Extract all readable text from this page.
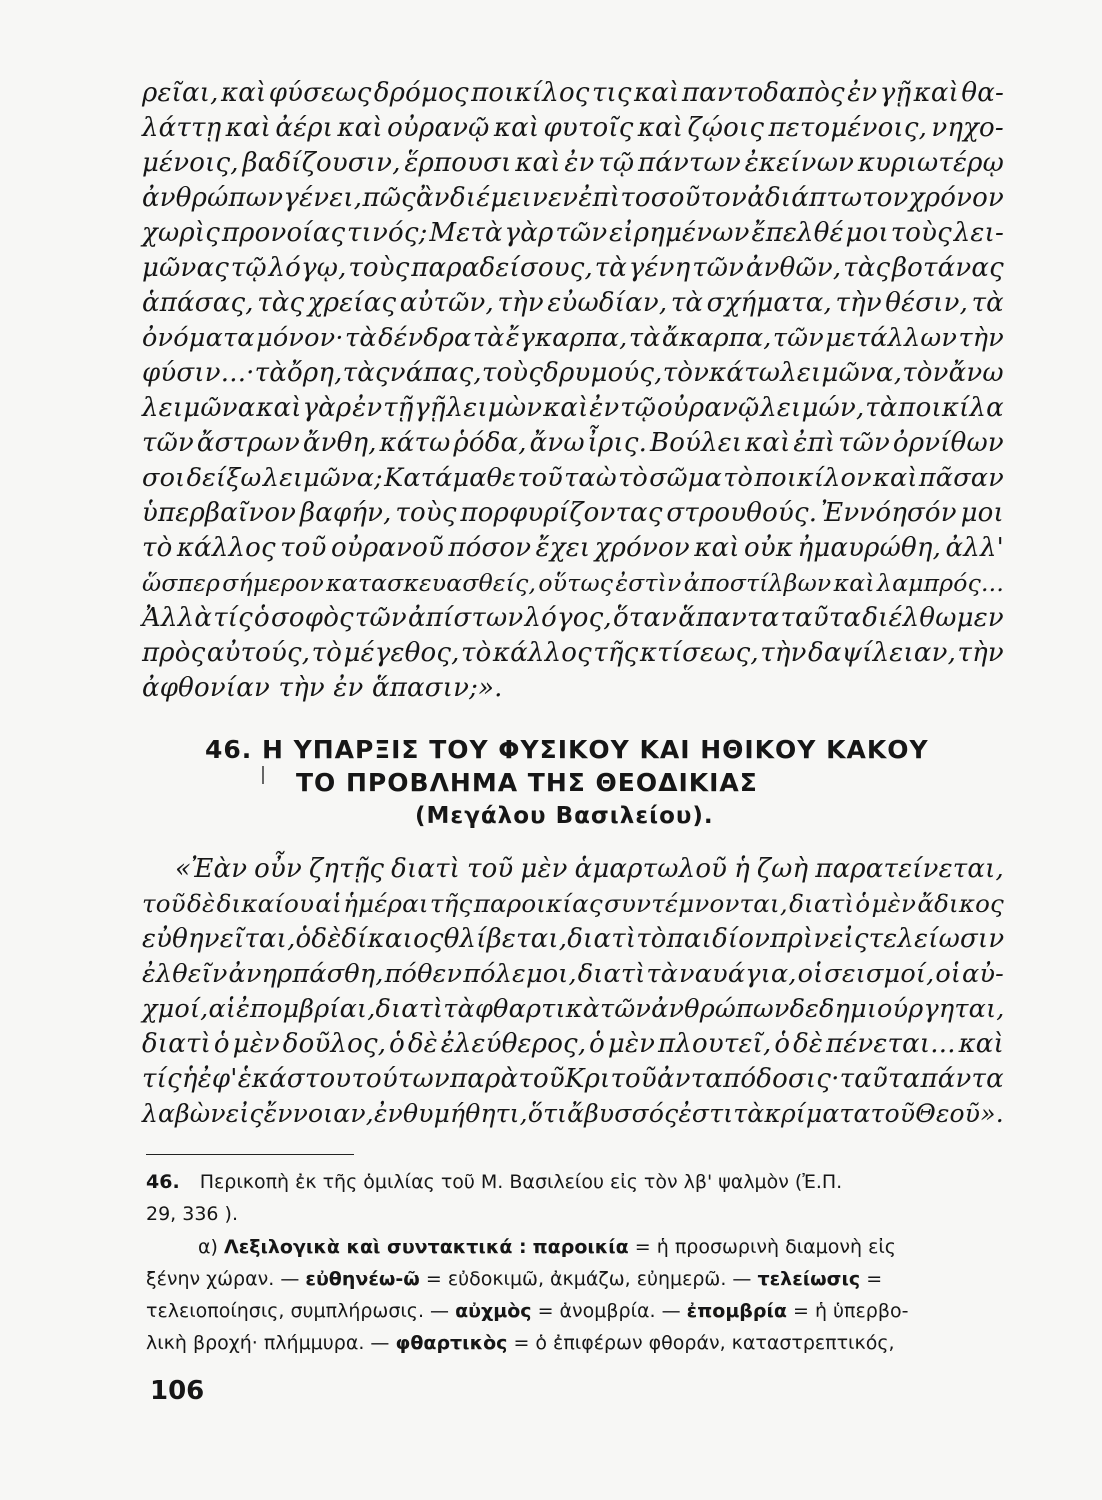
ρεῖαι, καὶ φύσεως δρόμος ποικίλος τις καὶ παντοδαπὸς ἐν γῇ καὶ θα-
λάττῃ καὶ ἀέρι καὶ οὐρανῷ καὶ φυτοῖς καὶ ζῴοις πετομένοις, νηχο-
μένοις, βαδίζουσιν, ἕρπουσι καὶ ἐν τῷ πάντων ἐκείνων κυριωτέρῳ
ἀνθρώπων γένει, πῶς ἂν διέμεινεν ἐπὶ τοσοῦτον ἀδιάπτωτον χρόνον
χωρὶς προνοίας τινός; Μετὰ γὰρ τῶν εἰρημένων ἔπελθέ μοι τοὺς λει-
μῶνας τῷ λόγῳ, τοὺς παραδείσους, τὰ γένη τῶν ἀνθῶν, τὰς βοτάνας
ἁπάσας, τὰς χρείας αὐτῶν, τὴν εὐωδίαν, τὰ σχήματα, τὴν θέσιν, τὰ
ὀνόματα μόνον· τὰ δένδρα τὰ ἔγκαρπα, τὰ ἄκαρπα, τῶν μετάλλων τὴν
φύσιν...· τὰ ὄρη, τὰς νάπας, τοὺς δρυμούς, τὸν κάτω λειμῶνα, τὸν ἄνω
λειμῶνα καὶ γὰρ ἐν τῇ γῇ λειμὼν καὶ ἐν τῷ οὐρανῷ λειμών, τὰ ποικίλα
τῶν ἄστρων ἄνθη, κάτω ῥόδα, ἄνω ἶρις. Βούλει καὶ ἐπὶ τῶν ὀρνίθων
σοι δείξω λειμῶνα; Κατάμαθε τοῦ ταὼ τὸ σῶμα τὸ ποικίλον καὶ πᾶσαν
ὑπερβαῖνον βαφήν, τοὺς πορφυρίζοντας στρουθούς. Ἐννόησόν μοι
τὸ κάλλος τοῦ οὐρανοῦ πόσον ἔχει χρόνον καὶ οὐκ ἠμαυρώθη, ἀλλ'
ὥσπερ σήμερον κατασκευασθείς, οὕτως ἐστὶν ἀποστίλβων καὶ λαμπρός...
Ἀλλὰ τίς ὁ σοφὸς τῶν ἀπίστων λόγος, ὅταν ἅπαντα ταῦτα διέλθωμεν
πρὸς αὐτούς, τὸ μέγεθος, τὸ κάλλος τῆς κτίσεως, τὴν δαψίλειαν, τὴν
ἀφθονίαν τὴν ἐν ἅπασιν;».
46. Η ΥΠΑΡΞΙΣ ΤΟΥ ΦΥΣΙΚΟΥ ΚΑΙ ΗΘΙΚΟΥ ΚΑΚΟΥ
ΤΟ ΠΡΟΒΛΗΜΑ ΤΗΣ ΘΕΟΔΙΚΙΑΣ
(Μεγάλου Βασιλείου).
«Ἐὰν οὖν ζητῇς διατὶ τοῦ μὲν ἁμαρτωλοῦ ἡ ζωὴ παρατείνεται,
τοῦ δὲ δικαίου αἱ ἡμέραι τῆς παροικίας συντέμνονται, διατὶ ὁ μὲν ἄδικος
εὐθηνεῖται, ὁ δὲ δίκαιος θλίβεται, διατὶ τὸ παιδίον πρὶν εἰς τελείωσιν
ἐλθεῖν ἀνηρπάσθη, πόθεν πόλεμοι, διατὶ τὰ ναυάγια, οἱ σεισμοί, οἱ αὐ-
χμοί, αἱ ἐπομβρίαι, διατὶ τὰ φθαρτικὰ τῶν ἀνθρώπων δεδημιούργηται,
διατὶ ὁ μὲν δοῦλος, ὁ δὲ ἐλεύθερος, ὁ μὲν πλουτεῖ, ὁ δὲ πένεται... καὶ
τίς ἡ ἐφ' ἑκάστου τούτων παρὰ τοῦ Κριτοῦ ἀνταπόδοσις· ταῦτα πάντα
λαβὼν εἰς ἔννοιαν, ἐνθυμήθητι, ὅτι ἄβυσσός ἐστι τὰ κρίματα τοῦ Θεοῦ».
46. Περικοπὴ ἐκ τῆς ὁμιλίας τοῦ Μ. Βασιλείου εἰς τὸν λβ' ψαλμὸν (Ἐ.Π.
29, 336 ).
α) Λεξιλογικὰ καὶ συντακτικά : παροικία = ἡ προσωρινὴ διαμονὴ εἰς
ξένην χώραν. — εὐθηνέω-ῶ = εὐδοκιμῶ, ἀκμάζω, εὐημερῶ. — τελείωσις =
τελειοποίησις, συμπλήρωσις. — αὐχμὸς = ἀνομβρία. — ἐπομβρία = ἡ ὑπερβο-
λικὴ βροχή· πλήμμυρα. — φθαρτικὸς = ὁ ἐπιφέρων φθοράν, καταστρεπτικός,
106
